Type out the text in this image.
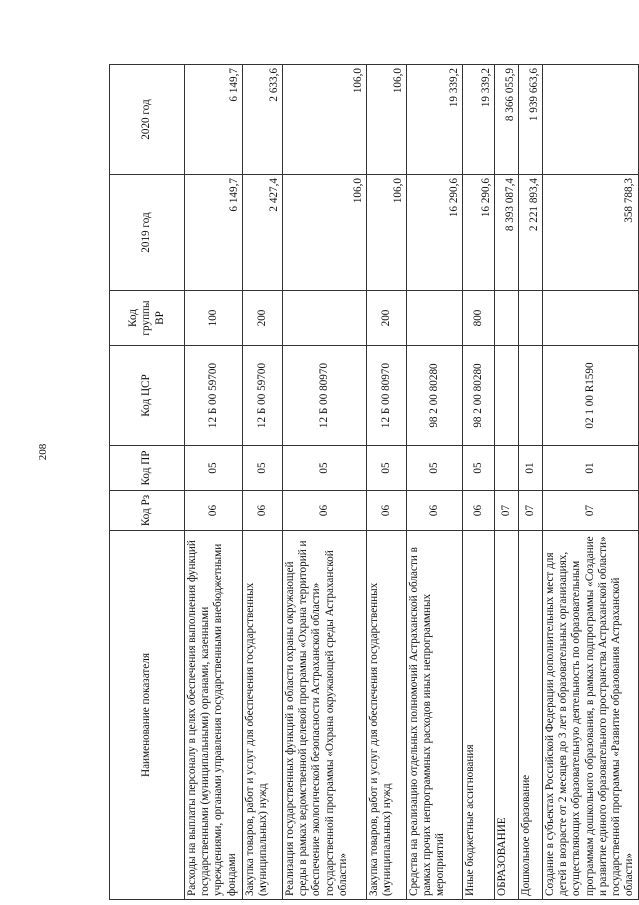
208
Наименование показателя	Код Рз	Код ПР	Код ЦСР	Код группы ВР	2019 год	2020 год
Расходы на выплаты персоналу в целях обеспечения выполнения функций государственными (муниципальными) органами, казенными учреждениями, органами управления государственными внебюджетными фондами	06	05	12 Б 00 59700	100	6 149,7	6 149,7
Закупка товаров, работ и услуг для обеспечения государственных (муниципальных) нужд	06	05	12 Б 00 59700	200	2 427,4	2 633,6
Реализация государственных функций в области охраны окружающей среды в рамках ведомственной целевой программы «Охрана территорий и обеспечение экологической безопасности Астраханской области» государственной программы «Охрана окружающей среды Астраханской области»	06	05	12 Б 00 80970		106,0	106,0
Закупка товаров, работ и услуг для обеспечения государственных (муниципальных) нужд	06	05	12 Б 00 80970	200	106,0	106,0
Средства на реализацию отдельных полномочий Астраханской области в рамках прочих непрограммных расходов иных непрограммных мероприятий	06	05	98 2 00 80280		16 290,6	19 339,2
Иные бюджетные ассигнования	06	05	98 2 00 80280	800	16 290,6	19 339,2
ОБРАЗОВАНИЕ	07				8 393 087,4	8 366 055,9
Дошкольное образование	07	01			2 221 893,4	1 939 663,6
Создание в субъектах Российской Федерации дополнительных мест для детей в возрасте от 2 месяцев до 3 лет в образовательных организациях, осуществляющих образовательную деятельность по образовательным программам дошкольного образования, в рамках подпрограммы «Создание и развитие единого образовательного пространства Астраханской области» государственной программы «Развитие образования Астраханской области»	07	01	02 1 00 R1590		358 788,3	
